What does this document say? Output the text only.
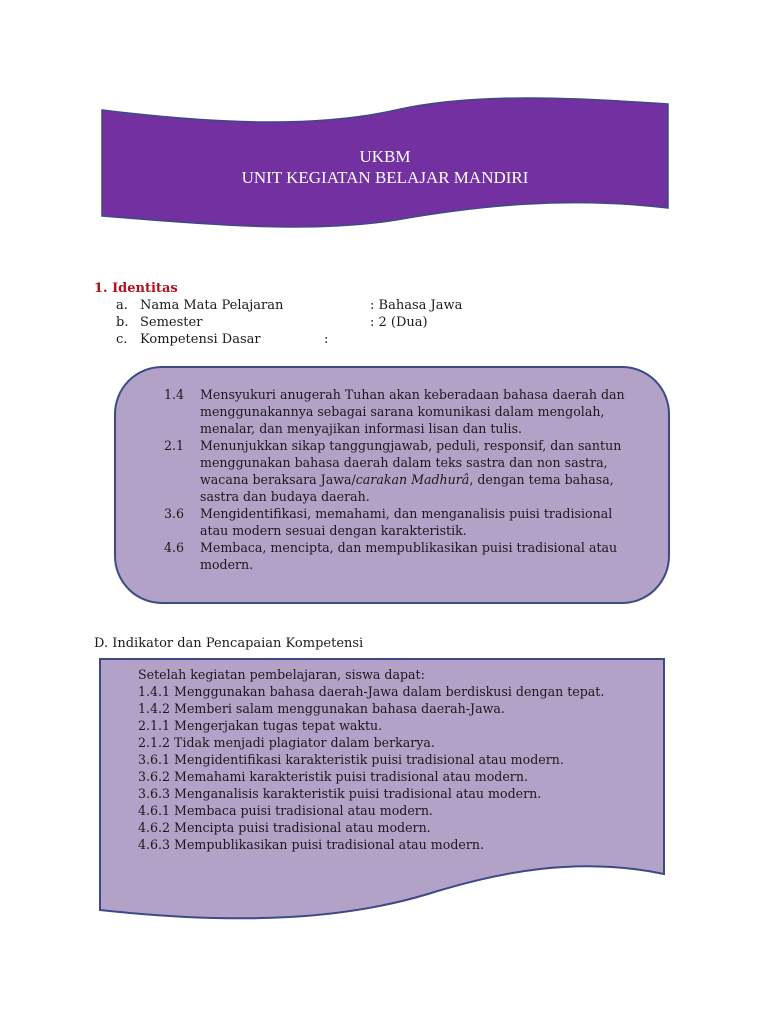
UKBM
UNIT KEGIATAN BELAJAR MANDIRI
1. Identitas
a. Nama Mata Pelajaran	: Bahasa Jawa
b. Semester	: 2 (Dua)
c. Kompetensi Dasar	:
1.4 Mensyukuri anugerah Tuhan akan keberadaan bahasa daerah dan menggunakannya sebagai sarana komunikasi dalam mengolah, menalar, dan menyajikan informasi lisan dan tulis.
2.1 Menunjukkan sikap tanggungjawab, peduli, responsif, dan santun menggunakan bahasa daerah dalam teks sastra dan non sastra, wacana beraksara Jawa/carakan Madhurâ, dengan tema bahasa, sastra dan budaya daerah.
3.6 Mengidentifikasi, memahami, dan menganalisis puisi tradisional atau modern sesuai dengan karakteristik.
4.6 Membaca, mencipta, dan mempublikasikan puisi tradisional atau modern.
D. Indikator dan Pencapaian Kompetensi
Setelah kegiatan pembelajaran, siswa dapat:
1.4.1 Menggunakan bahasa daerah-Jawa dalam berdiskusi dengan tepat.
1.4.2 Memberi salam menggunakan bahasa daerah-Jawa.
2.1.1 Mengerjakan tugas tepat waktu.
2.1.2 Tidak menjadi plagiator dalam berkarya.
3.6.1 Mengidentifikasi karakteristik puisi tradisional atau modern.
3.6.2 Memahami karakteristik puisi tradisional atau modern.
3.6.3 Menganalisis karakteristik puisi tradisional atau modern.
4.6.1 Membaca puisi tradisional atau modern.
4.6.2 Mencipta puisi tradisional atau modern.
4.6.3 Mempublikasikan puisi tradisional atau modern.
